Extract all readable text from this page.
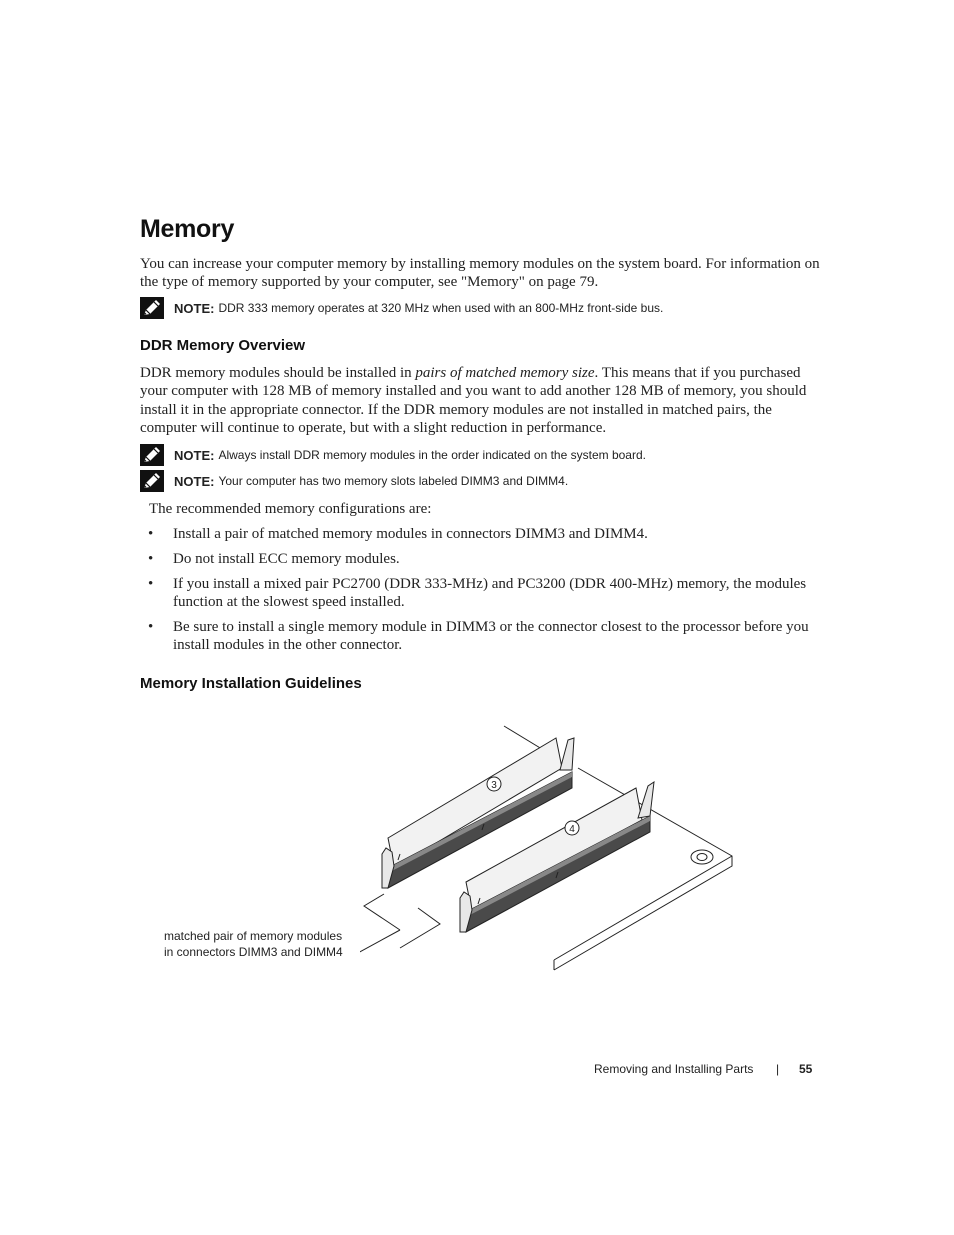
Memory

You can increase your computer memory by installing memory modules on the system board. For information on the type of memory supported by your computer, see "Memory" on page 79.

NOTE: DDR 333 memory operates at 320 MHz when used with an 800-MHz front-side bus.
DDR Memory Overview

DDR memory modules should be installed in pairs of matched memory size. This means that if you purchased your computer with 128 MB of memory installed and you want to add another 128 MB of memory, you should install it in the appropriate connector. If the DDR memory modules are not installed in matched pairs, the computer will continue to operate, but with a slight reduction in performance.

NOTE: Always install DDR memory modules in the order indicated on the system board.
NOTE: Your computer has two memory slots labeled DIMM3 and DIMM4.

The recommended memory configurations are:

•	Install a pair of matched memory modules in connectors DIMM3 and DIMM4.
•	Do not install ECC memory modules.
•	If you install a mixed pair PC2700 (DDR 333-MHz) and PC3200 (DDR 400-MHz) memory, the modules function at the slowest speed installed.
•	Be sure to install a single memory module in DIMM3 or the connector closest to the processor before you install modules in the other connector.
Memory Installation Guidelines
3
4
matched pair of memory modules
in connectors DIMM3 and DIMM4
Removing and Installing Parts | 55
